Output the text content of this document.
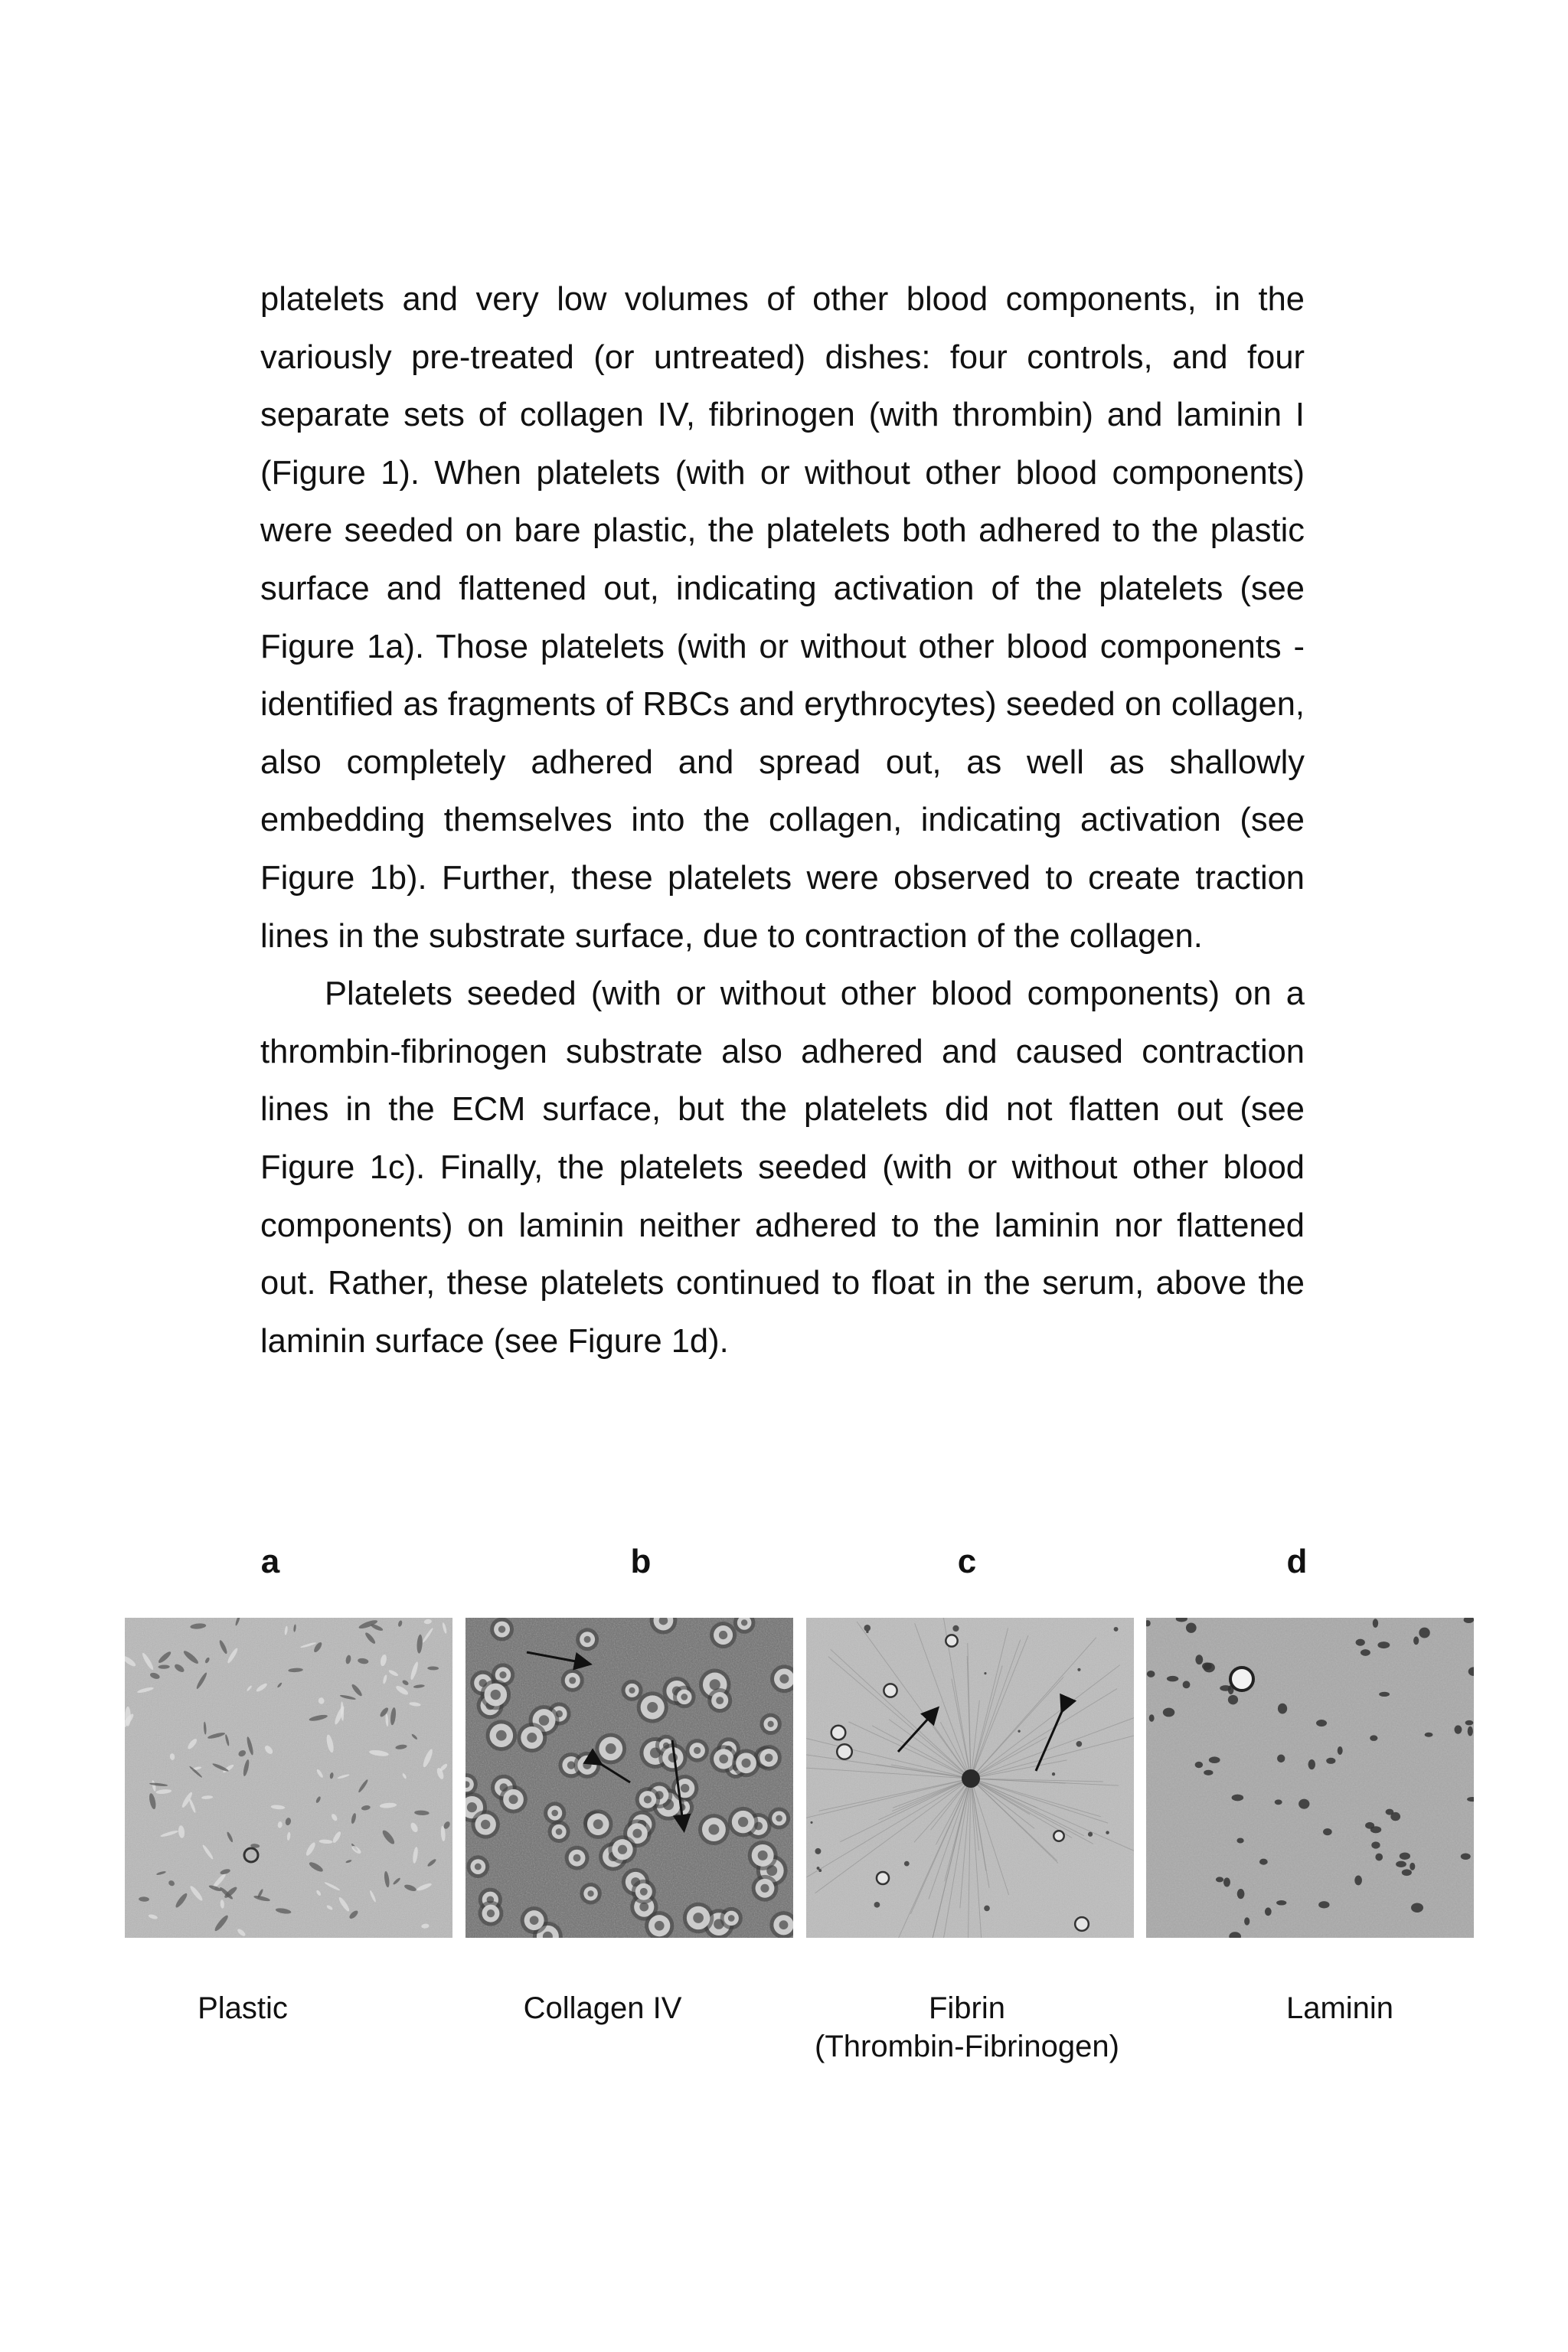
platelets and very low volumes of other blood components, in the variously pre-treated (or untreated) dishes: four controls, and four separate sets of collagen IV, fibrinogen (with thrombin) and laminin I (Figure 1). When platelets (with or without other blood components) were seeded on bare plastic, the platelets both adhered to the plastic surface and flattened out, indicating activation of the platelets (see Figure 1a). Those platelets (with or without other blood components - identified as fragments of RBCs and erythrocytes) seeded on collagen, also completely adhered and spread out, as well as shallowly embedding themselves into the collagen, indicating activation (see Figure 1b). Further, these platelets were observed to create traction lines in the substrate surface, due to contraction of the collagen.

Platelets seeded (with or without other blood components) on a thrombin-fibrinogen substrate also adhered and caused contraction lines in the ECM surface, but the platelets did not flatten out (see Figure 1c). Finally, the platelets seeded (with or without other blood components) on laminin neither adhered to the laminin nor flattened out. Rather, these platelets continued to float in the serum, above the laminin surface (see Figure 1d).

a	b	c	d
Plastic	Collagen IV	Fibrin
(Thrombin-Fibrinogen)
Laminin
